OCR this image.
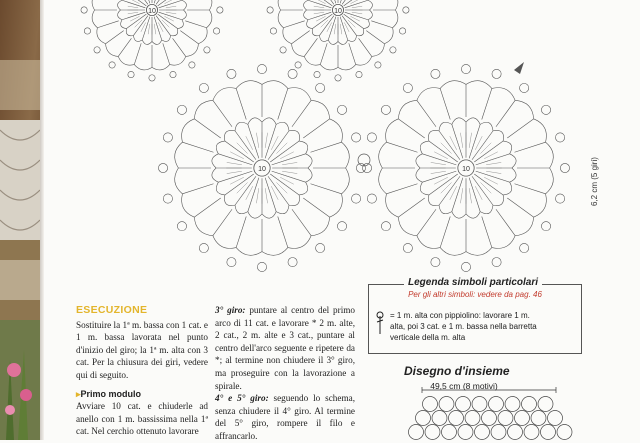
10	10
10	10	6,2 cm (5 giri)
Legenda simboli particolari
Per gli altri simboli: vedere da pag. 46
= 1 m. alta con pippiolino: lavorare 1 m.
alta, poi 3 cat. e 1 m. bassa nella barretta
verticale della m. alta
Disegno d'insieme
49,5 cm (8 motivi)
ESECUZIONE

Sostituire la 1ª m. bassa con 1 cat. e 1 m. bassa lavorata nel punto d'inizio del giro; la 1ª m. alta con 3 cat. Per la chiusura dei giri, vedere qui di seguito.

▸ Primo modulo

Avviare 10 cat. e chiuderle ad anello con 1 m. bassissima nella 1ª cat. Nel cerchio ottenuto lavorare

3° giro: puntare al centro del primo arco di 11 cat. e lavorare * 2 m. alte, 2 cat., 2 m. alte e 3 cat., puntare al centro dell'arco seguente e ripetere da *; al termine non chiudere il 3° giro, ma proseguire con la lavorazione a spirale.

4° e 5° giro: seguendo lo schema, senza chiudere il 4° giro. Al termine del 5° giro, rompere il filo e affrancarlo.
